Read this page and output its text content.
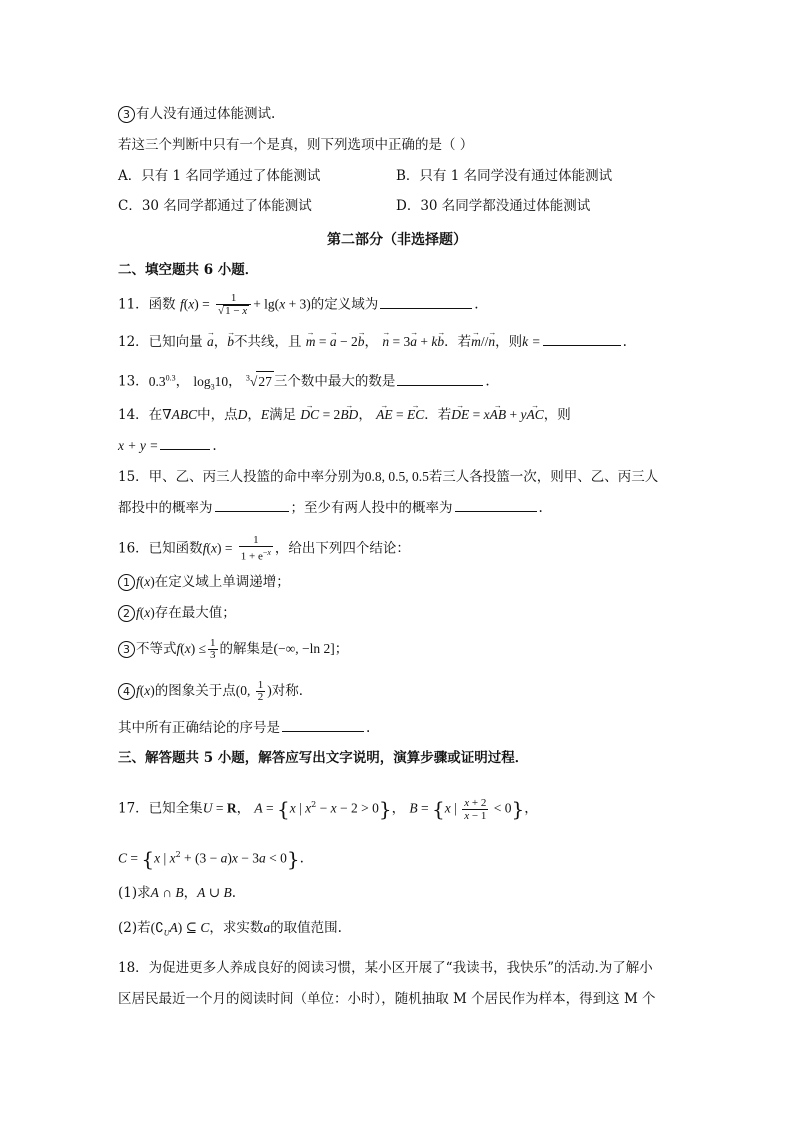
3 有人没有通过体能测试.
若这三个判断中只有一个是真，则下列选项中正确的是（ ）
A．只有 1 名同学通过了体能测试	B．只有 1 名同学没有通过体能测试
C．30 名同学都通过了体能测试	D．30 名同学都没通过体能测试
第二部分（非选择题）
二、填空题共 6 小题．
11．函数 $f(x) = \frac{1}{√1 - x} + \lg(x + 3)$的定义域为	.
12．已知向量 → a，→ b不共线，且 → m = → a − 2→ b， → n = 3→ a + k→ b．若→ m//→ n，则k =	.
13．$0.3^{0.3}$， $\log_310$， $^3$√27 三个数中最大的数是	.
14．在∇ABC中，点D，E满足 → DC = 2→ BD， → AE = → EC．若→ DE = x→ AB + y→ AC，则
x + y =	.
15．甲、乙、丙三人投篮的命中率分别为0.8, 0.5, 0.5若三人各投篮一次，则甲、乙、丙三人
都投中的概率为	；至少有两人投中的概率为	.
16．已知函数$f(x) = \frac{1}{1 + e^{-x}}$ ，给出下列四个结论：
1 f(x)在定义域上单调递增；
2 f(x)存在最大值；
3 不等式$f(x) \le \frac{1}{3}$ 的解集是(−∞, −ln 2]；
4 f(x)的图象关于点(0, $\frac{1}{2}$ )对称．
其中所有正确结论的序号是	.
三、解答题共 5 小题，解答应写出文字说明，演算步骤或证明过程．
17．已知全集U = R， A = {x | $x^2 - x - 2 > 0$}， B = {x | $\frac{x + 2}{x - 1} < 0$}，
C = {x | $x^2 + (3 - a)x - 3a < 0$}.
(1)求A ∩ B，A ∪ B.
(2)若$(∁_UA)$ ⊆ C，求实数a的取值范围.
18．为促进更多人养成良好的阅读习惯，某小区开展了“我读书，我快乐”的活动.为了解小
区居民最近一个月的阅读时间（单位：小时），随机抽取 M 个居民作为样本，得到这 M 个
